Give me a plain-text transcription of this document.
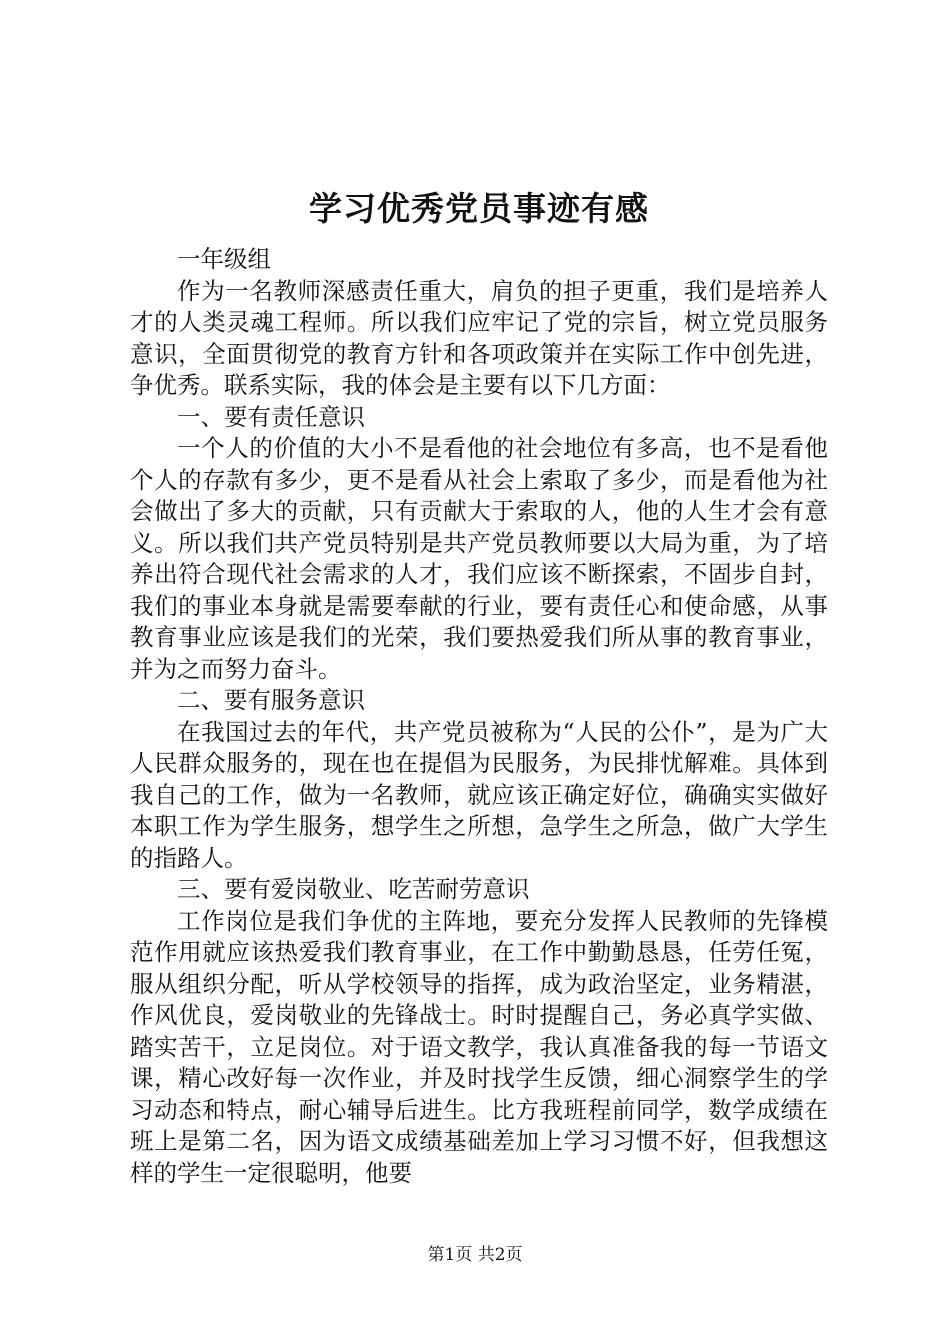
学习优秀党员事迹有感

一年级组

作为一名教师深感责任重大，肩负的担子更重，我们是培养人才的人类灵魂工程师。所以我们应牢记了党的宗旨，树立党员服务意识，全面贯彻党的教育方针和各项政策并在实际工作中创先进，争优秀。联系实际，我的体会是主要有以下几方面：

一、要有责任意识

一个人的价值的大小不是看他的社会地位有多高，也不是看他个人的存款有多少，更不是看从社会上索取了多少，而是看他为社会做出了多大的贡献，只有贡献大于索取的人，他的人生才会有意义。所以我们共产党员特别是共产党员教师要以大局为重，为了培养出符合现代社会需求的人才，我们应该不断探索，不固步自封，我们的事业本身就是需要奉献的行业，要有责任心和使命感，从事教育事业应该是我们的光荣，我们要热爱我们所从事的教育事业，并为之而努力奋斗。

二、要有服务意识

在我国过去的年代，共产党员被称为“人民的公仆”，是为广大人民群众服务的，现在也在提倡为民服务，为民排忧解难。具体到我自己的工作，做为一名教师，就应该正确定好位，确确实实做好本职工作为学生服务，想学生之所想，急学生之所急，做广大学生的指路人。

三、要有爱岗敬业、吃苦耐劳意识

工作岗位是我们争优的主阵地，要充分发挥人民教师的先锋模范作用就应该热爱我们教育事业，在工作中勤勤恳恳，任劳任冤，服从组织分配，听从学校领导的指挥，成为政治坚定，业务精湛，作风优良，爱岗敬业的先锋战士。时时提醒自己，务必真学实做、踏实苦干，立足岗位。对于语文教学，我认真准备我的每一节语文课，精心改好每一次作业，并及时找学生反馈，细心洞察学生的学习动态和特点，耐心辅导后进生。比方我班程前同学，数学成绩在班上是第二名，因为语文成绩基础差加上学习习惯不好，但我想这样的学生一定很聪明，他要

第1页 共2页
